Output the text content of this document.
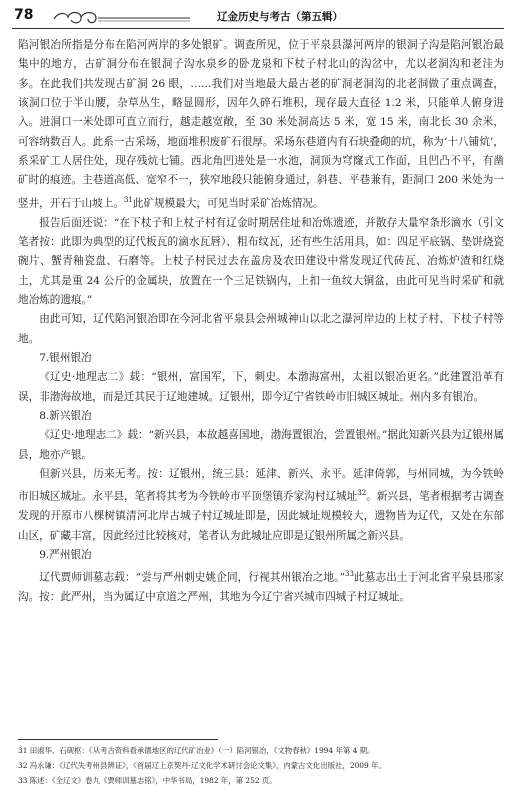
78	辽金历史与考古（第五辑）

陷河银冶所指是分布在陷河两岸的多处银矿。调查所见，位于平泉县瀑河两岸的银洞子沟是陷河银冶最集中的地方，古矿洞分布在银洞子沟水泉乡的卧龙泉和下杖子村北山的沟岔中，尤以老洞沟和老洼为多。在此我们共发现古矿洞 26 眼，……我们对当地最大最古老的矿洞老洞沟的北老洞做了重点调查，该洞口位于半山腰，杂草丛生，略显圆形，因年久碎石堆积，现存最大直径 1.2 米，只能单人俯身进入。进洞口一米处即可直立而行，越走越宽敞，至 30 米处洞高达 5 米，宽 15 米，南北长 30 余米，可容纳数百人。此系一古采场，地面堆积废矿石很厚。采场东巷道内有石块叠砌的坑，称为‘十八铺炕’，系采矿工人居住处，现存残炕七铺。西北角凹进处是一水池，洞顶为穹窿式工作面，且凹凸不平，有凿矿时的痕迹。主巷道高低、宽窄不一，狭窄地段只能俯身通过，斜巷、平巷兼有，距洞口 200 米处为一竖井，开石于山坡上。$^{31}$此矿规模最大，可见当时采矿冶炼情况。

报告后面还说：“在下杖子和上杖子村有辽金时期居住址和冶炼遗迹，并散存大量窄条形滴水（引文笔者按：此即为典型的辽代板瓦的滴水瓦唇）、粗布纹瓦，还有些生活用具，如：四足平底锅、垫饼烧瓷碗片、蟹青釉瓷盘、石磨等。上杖子村民过去在盖房及农田建设中常发现辽代砖瓦、冶炼炉渣和红烧土，尤其是重 24 公斤的金属块，放置在一个三足铁锅内，上扣一鱼纹大铜盆，由此可见当时采矿和就地冶炼的遗痕。”

由此可知，辽代陷河银冶即在今河北省平泉县会州城神山以北之瀑河岸边的上杖子村、下杖子村等地。

7.银州银冶

《辽史·地理志二》载：“银州，富国军，下，刺史。本渤海富州，太祖以银冶更名。”此建置沿革有误，非渤海故地，而是迁其民于辽地建城。辽银州，即今辽宁省铁岭市旧城区城址。州内多有银冶。

8.新兴银冶

《辽史·地理志二》载：“新兴县，本故越喜国地，渤海置银冶，尝置银州。”据此知新兴县为辽银州属县，地亦产银。

但新兴县，历来无考。按：辽银州，统三县：延津、新兴、永平。延津倚郭，与州同城，为今铁岭市旧城区城址。永平县，笔者将其考为今铁岭市平顶堡镇乔家沟村辽城址$^{32}$。新兴县，笔者根据考古调查发现的开原市八棵树镇清河北岸古城子村辽城址即是，因此城址规模较大，遗物皆为辽代，又处在东部山区，矿藏丰富，因此经过比较核对，笔者认为此城址应即是辽银州所属之新兴县。

9.严州银冶

辽代贾师训墓志载：“尝与严州刺史姚企同，行视其州银冶之地。”$^{33}$此墓志出土于河北省平泉县邢家沟。按：此严州，当为属辽中京道之严州，其地为今辽宁省兴城市四城子村辽城址。

31 田淑华、石砚枢：《从考古资料看承德地区的辽代矿冶业》（一）陷河银冶，《文物春秋》1994 年第 4 期。

32 冯永谦：《辽代失考州县辨证》，《首届辽上京契丹·辽文化学术研讨会论文集》，内蒙古文化出版社，2009 年。

33 陈述：《全辽文》卷九《贾师训墓志铭》，中华书局，1982 年，第 252 页。
